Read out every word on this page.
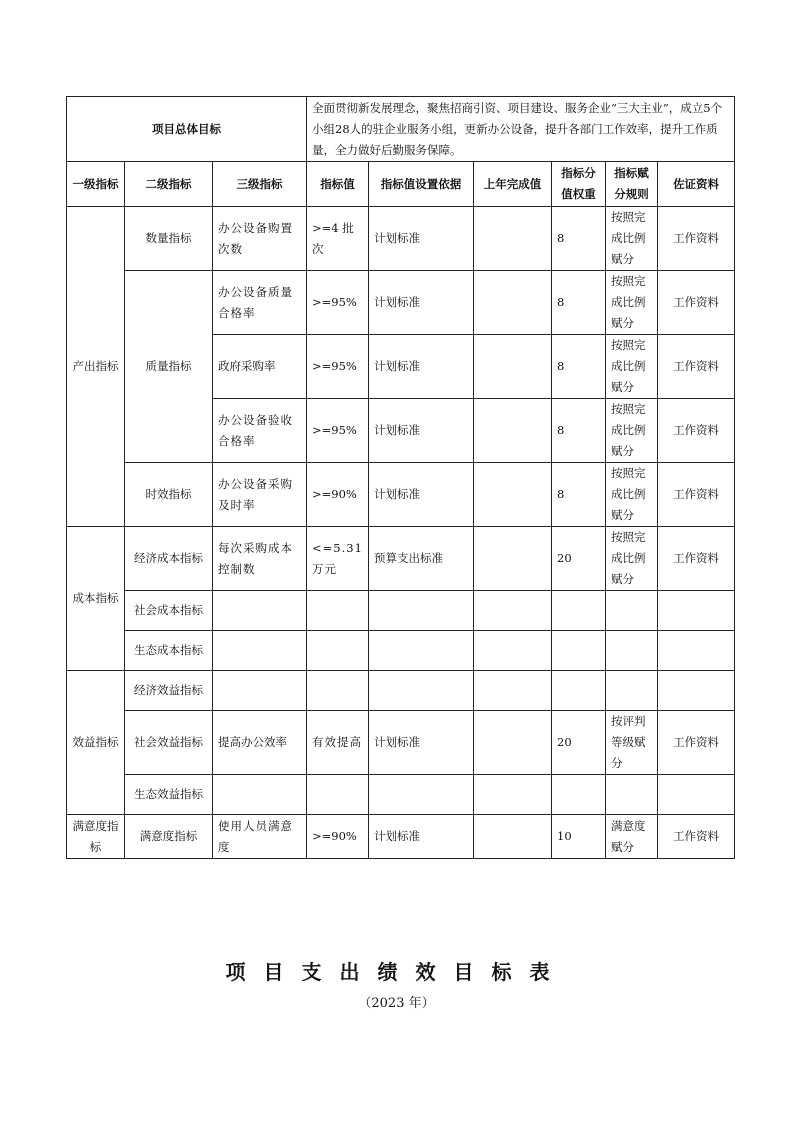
项目总体目标			全面贯彻新发展理念，聚焦招商引资、项目建设、服务企业“三大主业”，成立5个小组28人的驻企业服务小组，更新办公设备，提升各部门工作效率，提升工作质量，全力做好后勤服务保障。					
一级指标	二级指标	三级指标	指标值	指标值设置依据	上年完成值	指标分值权重	指标赋分规则	佐证资料
产出指标	数量指标	办公设备购置次数	>=4 批次	计划标准		8	按照完成比例赋分	工作资料
	质量指标	办公设备质量合格率	>=95%	计划标准		8	按照完成比例赋分	工作资料
		政府采购率	>=95%	计划标准		8	按照完成比例赋分	工作资料
		办公设备验收合格率	>=95%	计划标准		8	按照完成比例赋分	工作资料
	时效指标	办公设备采购及时率	>=90%	计划标准		8	按照完成比例赋分	工作资料
成本指标	经济成本指标	每次采购成本控制数	<=5.31万元	预算支出标准		20	按照完成比例赋分	工作资料
	社会成本指标							
	生态成本指标							
效益指标	经济效益指标							
	社会效益指标	提高办公效率	有效提高	计划标准		20	按评判等级赋分	工作资料
	生态效益指标							
满意度指标	满意度指标	使用人员满意度	>=90%	计划标准		10	满意度赋分	工作资料
项目支出绩效目标表
（2023 年）
